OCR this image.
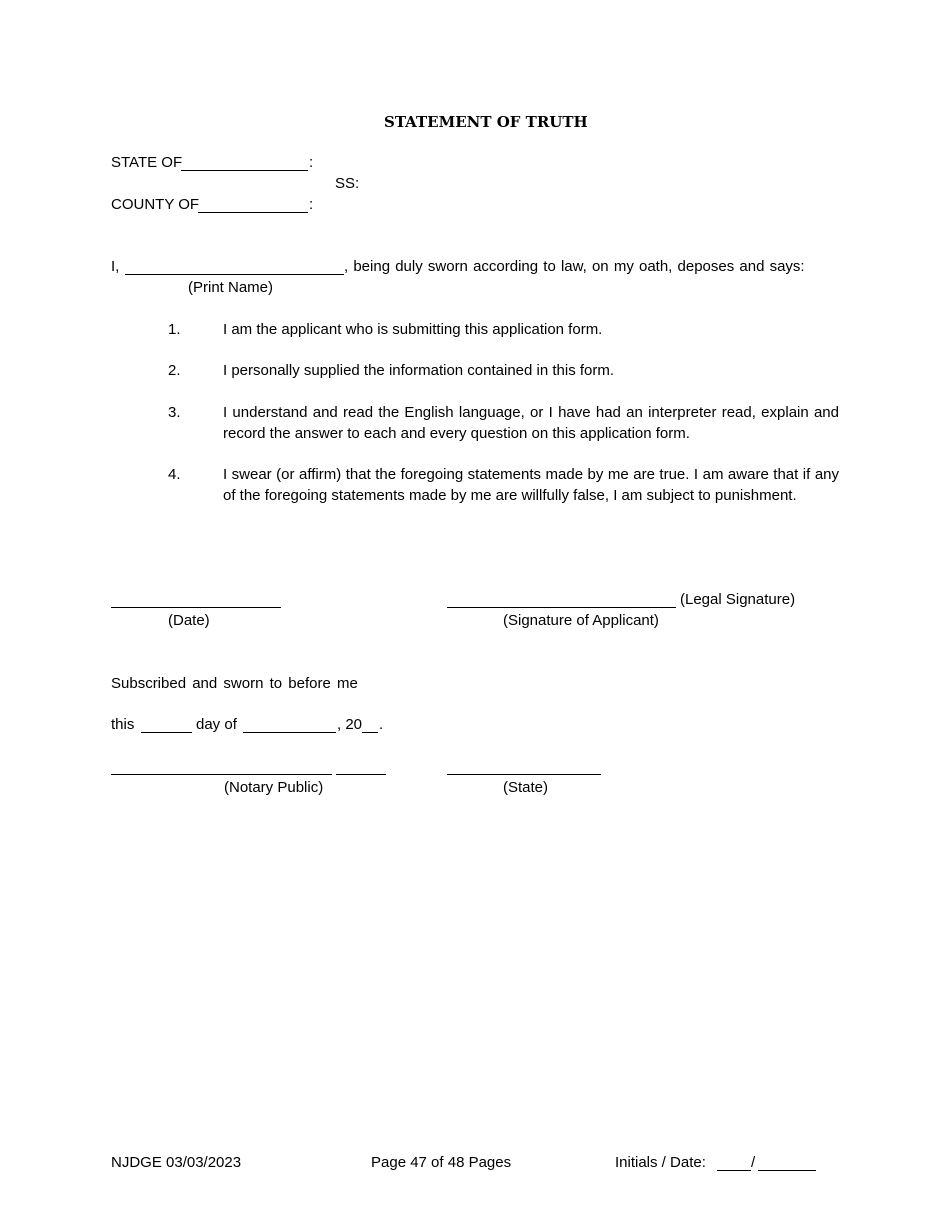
STATEMENT OF TRUTH
STATE OF	:
SS:
COUNTY OF	:
I,	, being duly sworn according to law, on my oath, deposes and says:
(Print Name)
1.	I am the applicant who is submitting this application form.
2.	I personally supplied the information contained in this form.
3.	I understand and read the English language, or I have had an interpreter read, explain and record the answer to each and every question on this application form.
4.	I swear (or affirm) that the foregoing statements made by me are true. I am aware that if any of the foregoing statements made by me are willfully false, I am subject to punishment.
(Date)
(Legal Signature)
(Signature of Applicant)
Subscribed and sworn to before me
this	day of	, 20 .
(Notary Public)	(State)
NJDGE 03/03/2023	Page 47 of 48 Pages	Initials / Date:	/
